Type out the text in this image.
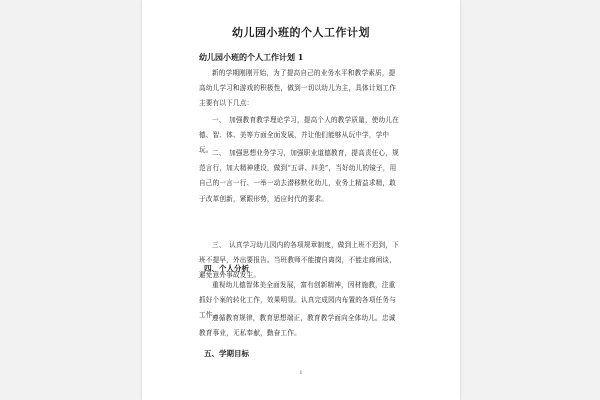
幼儿园小班的个人工作计划
幼儿园小班的个人工作计划 1

新的学期刚刚开始，为了提高自己的业务水平和教学素质，提高幼儿学习和游戏的积极性，做到一切以幼儿为主，具体计划工作主要有以下几点：

一、　加强教育教学理论学习，提高个人的教学质量，使幼儿在德、智、体、美等方面全面发展，并让他们能够从玩中学，学中玩。 二、　加强思想业务学习，加强职业道德教育，提高责任心，规范言行，加大精神建设，做到“五讲、四美”，当好幼儿的镜子，用自己的一言一行、一举一动去潜移默化幼儿，业务上精益求精，敢于改革创新，紧跟形势，适应时代的要求。

三、　认真学习幼儿园内的各项规章制度，做到上班不迟到，下班不提早，外出要报告。当班教师不能擅自离岗，不能走廊闲谈，避免意外事故发生。

四、个人分析

重视幼儿德智体美全面发展，富有创新精神，因材施教，注重抓好个案的转化工作，效果明显。认真完成园内布置的各项任务与工作。

遵循教育规律，教育思想端正，教育教学面向全体幼儿。忠诚教育事业，无私奉献，勤奋工作。

五、学期目标
1
